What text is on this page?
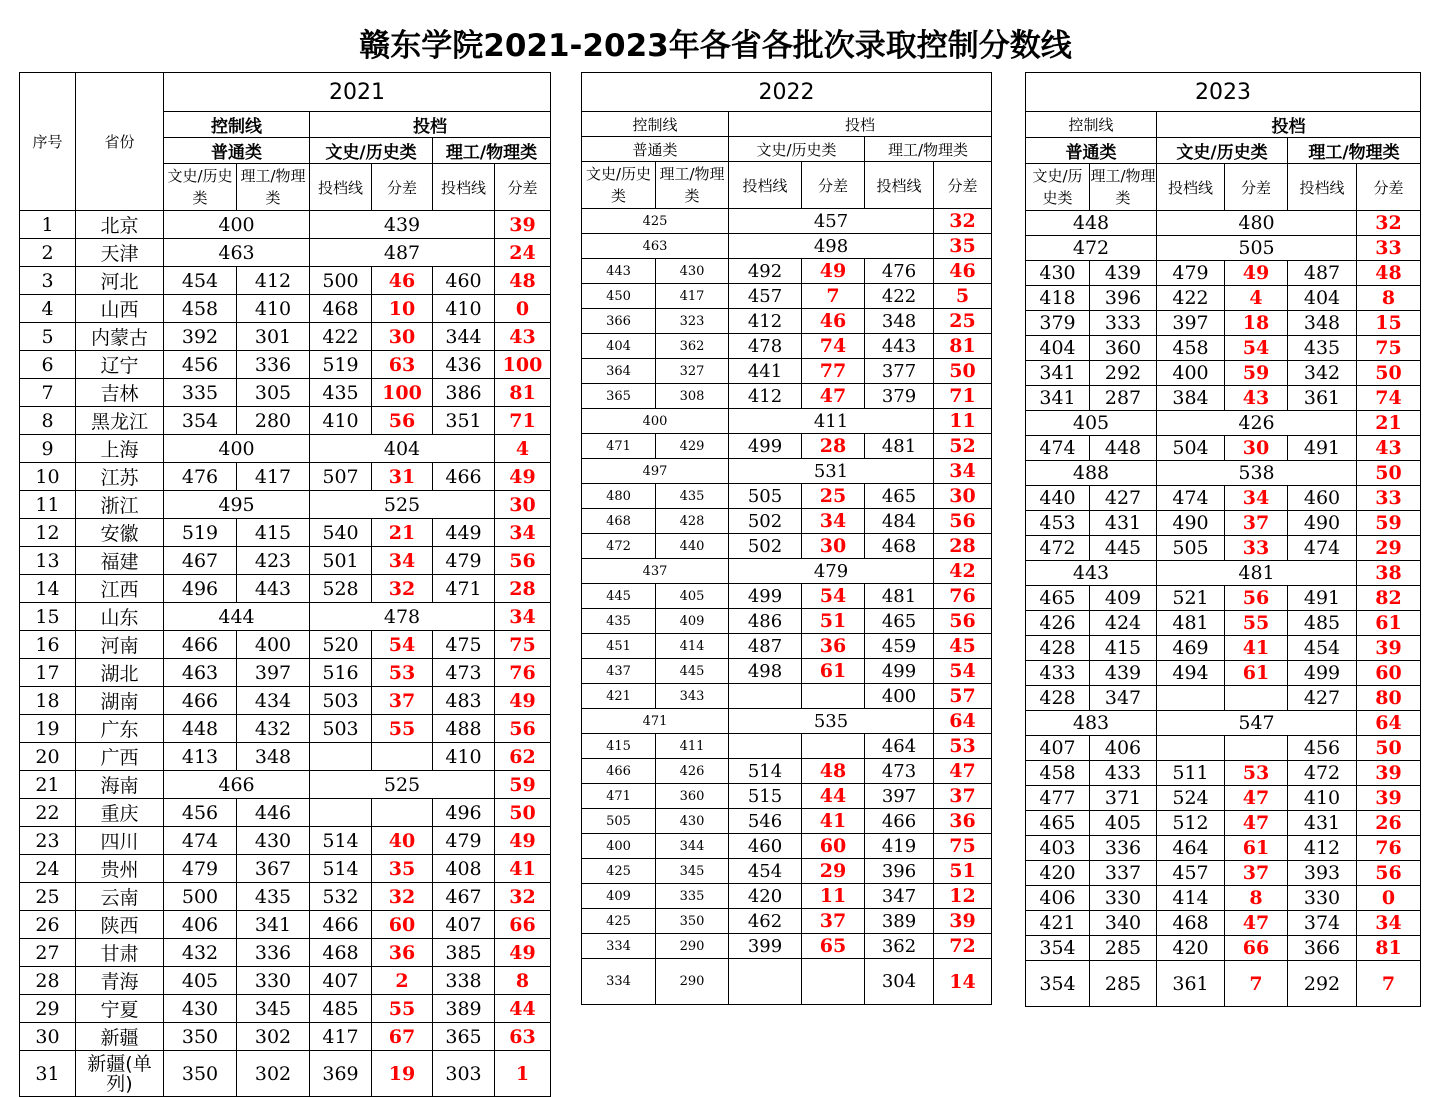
赣东学院2021-2023年各省各批次录取控制分数线
序号	省份	2021					
		控制线		投档			
		普通类		文史/历史类		理工/物理类	

		文史/历史类	理工/物理类	投档线	分差	投档线	分差
1	北京	400		439			39
2	天津	463		487			24
3	河北	454	412	500	46	460	48
4	山西	458	410	468	10	410	0
5	内蒙古	392	301	422	30	344	43
6	辽宁	456	336	519	63	436	100
7	吉林	335	305	435	100	386	81
8	黑龙江	354	280	410	56	351	71
9	上海	400		404			4
10	江苏	476	417	507	31	466	49
11	浙江	495		525			30
12	安徽	519	415	540	21	449	34
13	福建	467	423	501	34	479	56
14	江西	496	443	528	32	471	28
15	山东	444		478			34
16	河南	466	400	520	54	475	75
17	湖北	463	397	516	53	473	76
18	湖南	466	434	503	37	483	49
19	广东	448	432	503	55	488	56
20	广西	413	348			410	62
21	海南	466		525			59
22	重庆	456	446			496	50
23	四川	474	430	514	40	479	49
24	贵州	479	367	514	35	408	41
25	云南	500	435	532	32	467	32
26	陕西	406	341	466	60	407	66
27	甘肃	432	336	468	36	385	49
28	青海	405	330	407	2	338	8
29	宁夏	430	345	485	55	389	44
30	新疆	350	302	417	67	365	63
31	新疆(单列)	350	302	369	19	303	1
2022					
控制线		投档			
普通类		文史/历史类		理工/物理类	

文史/历史类	理工/物理类	投档线	分差	投档线	分差
425		457			32
463		498			35
443	430	492	49	476	46
450	417	457	7	422	5
366	323	412	46	348	25
404	362	478	74	443	81
364	327	441	77	377	50
365	308	412	47	379	71
400		411			11
471	429	499	28	481	52
497		531			34
480	435	505	25	465	30
468	428	502	34	484	56
472	440	502	30	468	28
437		479			42
445	405	499	54	481	76
435	409	486	51	465	56
451	414	487	36	459	45
437	445	498	61	499	54
421	343			400	57
471		535			64
415	411			464	53
466	426	514	48	473	47
471	360	515	44	397	37
505	430	546	41	466	36
400	344	460	60	419	75
425	345	454	29	396	51
409	335	420	11	347	12
425	350	462	37	389	39
334	290	399	65	362	72
334	290			304	14
2023					
控制线		投档			
普通类		文史/历史类		理工/物理类	

文史/历史类	理工/物理类	投档线	分差	投档线	分差
448		480			32
472		505			33
430	439	479	49	487	48
418	396	422	4	404	8
379	333	397	18	348	15
404	360	458	54	435	75
341	292	400	59	342	50
341	287	384	43	361	74
405		426			21
474	448	504	30	491	43
488		538			50
440	427	474	34	460	33
453	431	490	37	490	59
472	445	505	33	474	29
443		481			38
465	409	521	56	491	82
426	424	481	55	485	61
428	415	469	41	454	39
433	439	494	61	499	60
428	347			427	80
483		547			64
407	406			456	50
458	433	511	53	472	39
477	371	524	47	410	39
465	405	512	47	431	26
403	336	464	61	412	76
420	337	457	37	393	56
406	330	414	8	330	0
421	340	468	47	374	34
354	285	420	66	366	81
354	285	361	7	292	7
